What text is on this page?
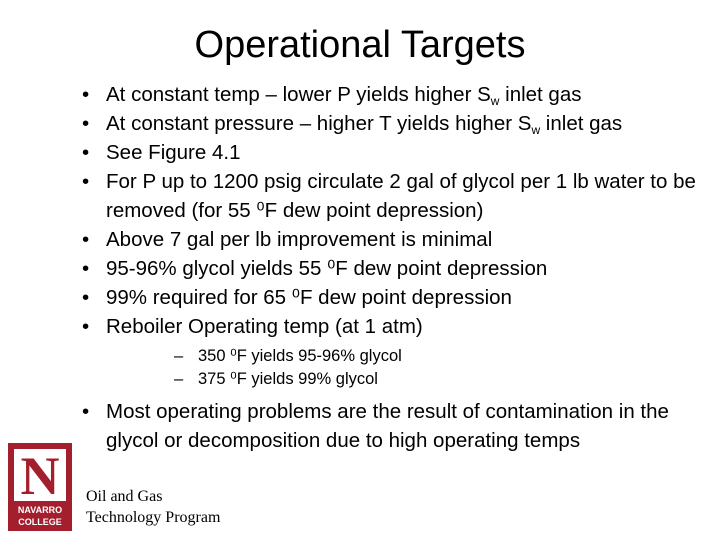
Operational Targets
• At constant temp – lower P yields higher $S_w$ inlet gas
• At constant pressure – higher T yields higher $S_w$ inlet gas
• See Figure 4.1
• For P up to 1200 psig circulate 2 gal of glycol per 1 lb water to be removed (for 55 ⁰F dew point depression)
• Above 7 gal per lb improvement is minimal
• 95-96% glycol yields 55 ⁰F dew point depression
• 99% required for 65 ⁰F dew point depression
• Reboiler Operating temp (at 1 atm)
– 350 ⁰F yields 95-96% glycol
– 375 ⁰F yields 99% glycol
• Most operating problems are the result of contamination in the glycol or decomposition due to high operating temps
N
NAVARRO
COLLEGE
Oil and Gas
Technology Program
